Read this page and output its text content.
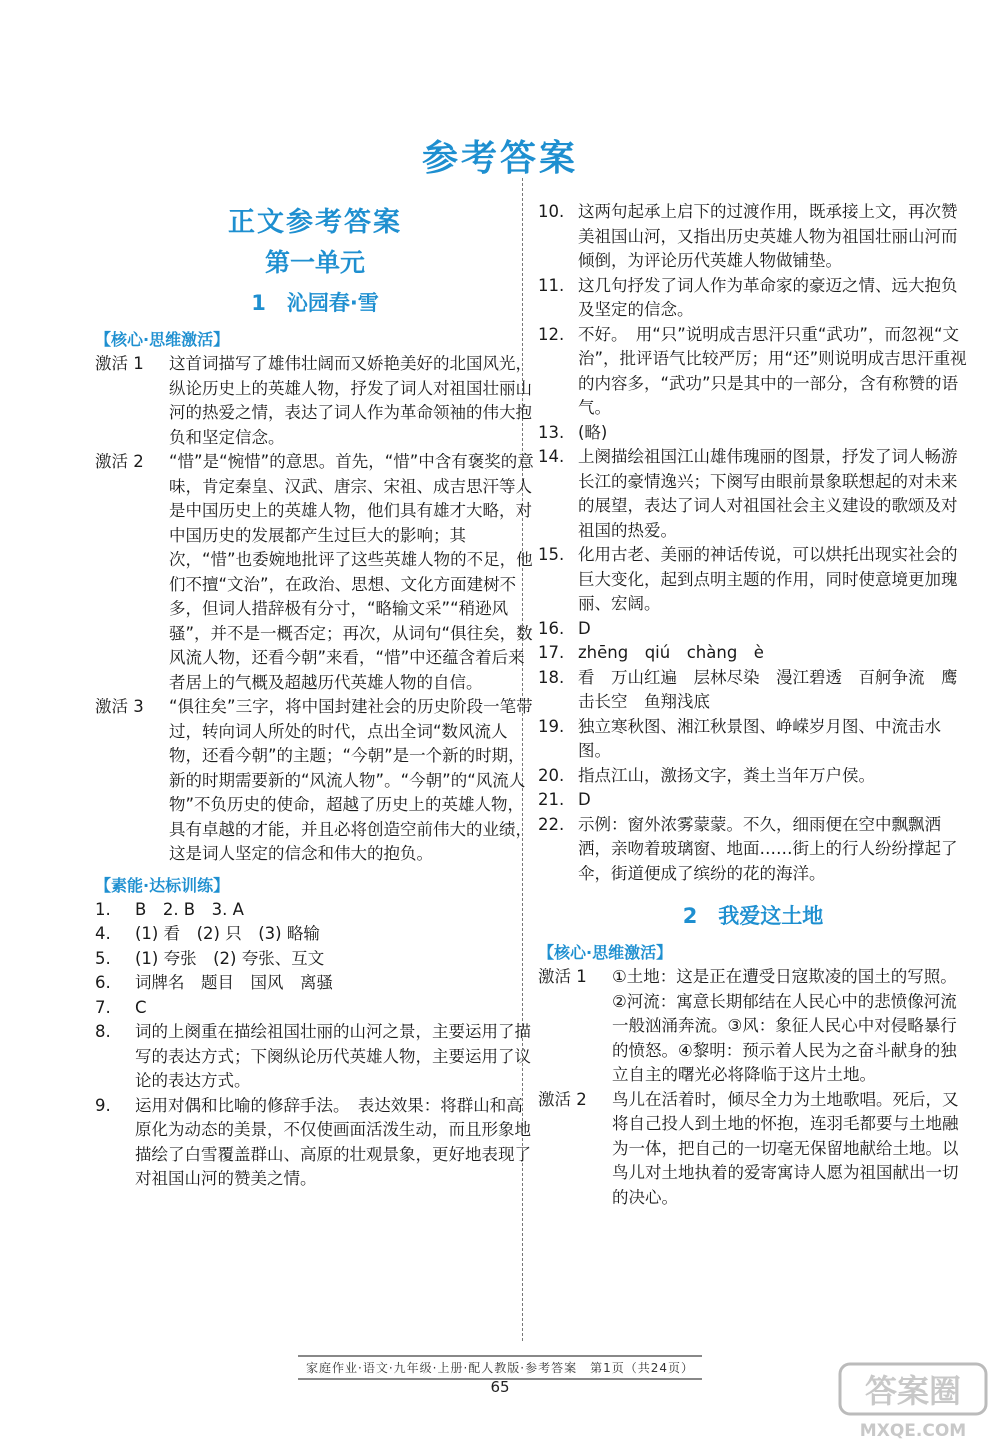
参考答案
正文参考答案
第一单元
1　沁园春·雪
【核心·思维激活】
激活 1	这首词描写了雄伟壮阔而又娇艳美好的北国风光，纵论历史上的英雄人物，抒发了词人对祖国壮丽山河的热爱之情，表达了词人作为革命领袖的伟大抱负和坚定信念。
激活 2	“惜”是“惋惜”的意思。首先，“惜”中含有褒奖的意味，肯定秦皇、汉武、唐宗、宋祖、成吉思汗等人是中国历史上的英雄人物，他们具有雄才大略，对中国历史的发展都产生过巨大的影响；其次，“惜”也委婉地批评了这些英雄人物的不足，他们不擅“文治”，在政治、思想、文化方面建树不多，但词人措辞极有分寸，“略输文采”“稍逊风骚”，并不是一概否定；再次，从词句“俱往矣，数风流人物，还看今朝”来看，“惜”中还蕴含着后来者居上的气概及超越历代英雄人物的自信。
激活 3	“俱往矣”三字，将中国封建社会的历史阶段一笔带过，转向词人所处的时代，点出全词“数风流人物，还看今朝”的主题；“今朝”是一个新的时期，新的时期需要新的“风流人物”。“今朝”的“风流人物”不负历史的使命，超越了历史上的英雄人物，具有卓越的才能，并且必将创造空前伟大的业绩，这是词人坚定的信念和伟大的抱负。
【素能·达标训练】
1.	B　2. B　3. A
4.	(1) 看　(2) 只　(3) 略输
5.	(1) 夸张　(2) 夸张、互文
6.	词牌名　题目　国风　离骚
7.	C
8.	词的上阕重在描绘祖国壮丽的山河之景，主要运用了描写的表达方式；下阕纵论历代英雄人物，主要运用了议论的表达方式。
9.	运用对偶和比喻的修辞手法。　表达效果：将群山和高原化为动态的美景，不仅使画面活泼生动，而且形象地描绘了白雪覆盖群山、高原的壮观景象，更好地表现了对祖国山河的赞美之情。
10. 这两句起承上启下的过渡作用，既承接上文，再次赞美祖国山河，又指出历史英雄人物为祖国壮丽山河而倾倒，为评论历代英雄人物做铺垫。
11. 这几句抒发了词人作为革命家的豪迈之情、远大抱负及坚定的信念。
12. 不好。　用“只”说明成吉思汗只重“武功”，而忽视“文治”，批评语气比较严厉；用“还”则说明成吉思汗重视的内容多，“武功”只是其中的一部分，含有称赞的语气。
13. (略)
14. 上阕描绘祖国江山雄伟瑰丽的图景，抒发了词人畅游长江的豪情逸兴；下阕写由眼前景象联想起的对未来的展望，表达了词人对祖国社会主义建设的歌颂及对祖国的热爱。
15. 化用古老、美丽的神话传说，可以烘托出现实社会的巨大变化，起到点明主题的作用，同时使意境更加瑰丽、宏阔。
16. D
17. zhēng　qiú　chàng　è
18. 看　万山红遍　层林尽染　漫江碧透　百舸争流　鹰击长空　鱼翔浅底
19. 独立寒秋图、湘江秋景图、峥嵘岁月图、中流击水图。
20. 指点江山，激扬文字，粪土当年万户侯。
21. D
22. 示例：窗外浓雾蒙蒙。不久，细雨便在空中飘飘洒洒，亲吻着玻璃窗、地面……街上的行人纷纷撑起了伞，街道便成了缤纷的花的海洋。
2　我爱这土地
【核心·思维激活】
激活 1	①土地：这是正在遭受日寇欺凌的国土的写照。②河流：寓意长期郁结在人民心中的悲愤像河流一般汹涌奔流。③风：象征人民心中对侵略暴行的愤怒。④黎明：预示着人民为之奋斗献身的独立自主的曙光必将降临于这片土地。
激活 2	鸟儿在活着时，倾尽全力为土地歌唱。死后，又将自己投人到土地的怀抱，连羽毛都要与土地融为一体，把自己的一切毫无保留地献给土地。以鸟儿对土地执着的爱寄寓诗人愿为祖国献出一切的决心。
家庭作业·语文·九年级·上册·配人教版·参考答案　第1页（共24页）
65	答案圈
MXQE.COM
